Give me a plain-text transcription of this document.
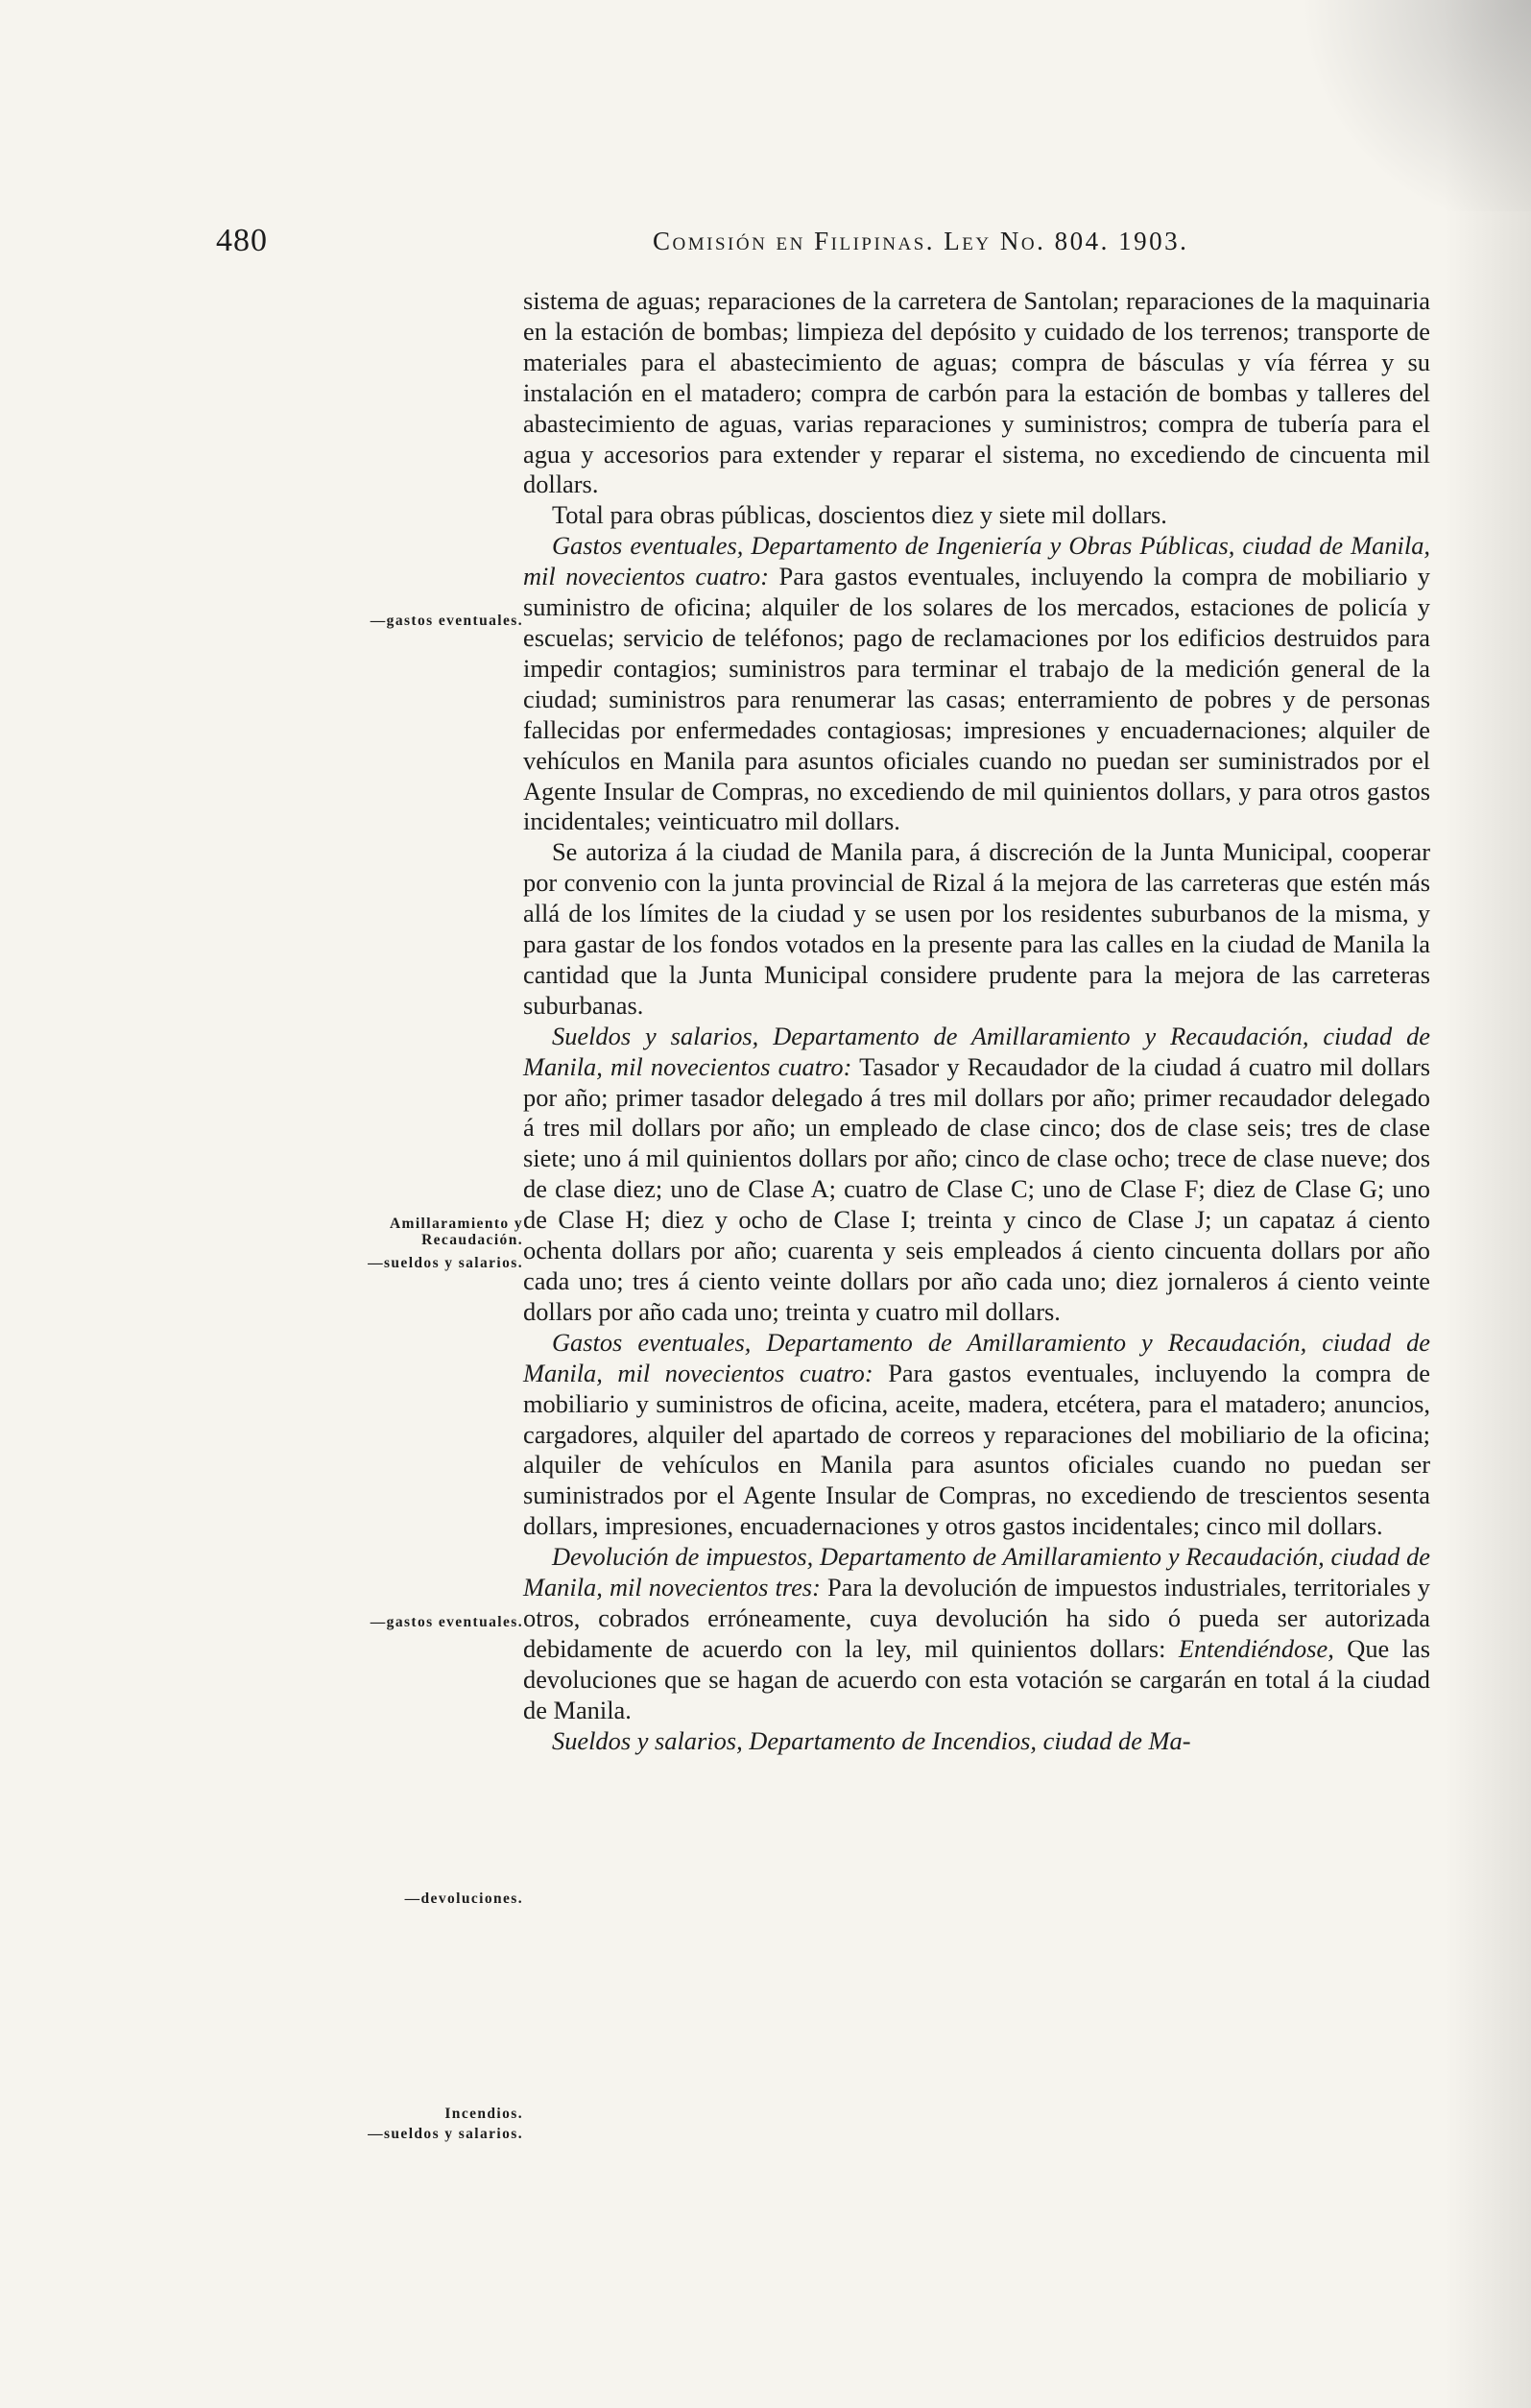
480	Comisión en Filipinas. Ley No. 804. 1903.
—gastos eventuales.
Amillaramiento y Recaudación.
—sueldos y salarios.
—gastos eventuales.
—devoluciones.
Incendios.
—sueldos y salarios.

sistema de aguas; reparaciones de la carretera de Santolan; reparaciones de la maquinaria en la estación de bombas; limpieza del depósito y cuidado de los terrenos; transporte de materiales para el abastecimiento de aguas; compra de básculas y vía férrea y su instalación en el matadero; compra de carbón para la estación de bombas y talleres del abastecimiento de aguas, varias reparaciones y suministros; compra de tubería para el agua y accesorios para extender y reparar el sistema, no excediendo de cincuenta mil dollars.

Total para obras públicas, doscientos diez y siete mil dollars.

Gastos eventuales, Departamento de Ingeniería y Obras Públicas, ciudad de Manila, mil novecientos cuatro: Para gastos eventuales, incluyendo la compra de mobiliario y suministro de oficina; alquiler de los solares de los mercados, estaciones de policía y escuelas; servicio de teléfonos; pago de reclamaciones por los edificios destruidos para impedir contagios; suministros para terminar el trabajo de la medición general de la ciudad; suministros para renumerar las casas; enterramiento de pobres y de personas fallecidas por enfermedades contagiosas; impresiones y encuadernaciones; alquiler de vehículos en Manila para asuntos oficiales cuando no puedan ser suministrados por el Agente Insular de Compras, no excediendo de mil quinientos dollars, y para otros gastos incidentales; veinticuatro mil dollars.

Se autoriza á la ciudad de Manila para, á discreción de la Junta Municipal, cooperar por convenio con la junta provincial de Rizal á la mejora de las carreteras que estén más allá de los límites de la ciudad y se usen por los residentes suburbanos de la misma, y para gastar de los fondos votados en la presente para las calles en la ciudad de Manila la cantidad que la Junta Municipal considere prudente para la mejora de las carreteras suburbanas.

Sueldos y salarios, Departamento de Amillaramiento y Recaudación, ciudad de Manila, mil novecientos cuatro: Tasador y Recaudador de la ciudad á cuatro mil dollars por año; primer tasador delegado á tres mil dollars por año; primer recaudador delegado á tres mil dollars por año; un empleado de clase cinco; dos de clase seis; tres de clase siete; uno á mil quinientos dollars por año; cinco de clase ocho; trece de clase nueve; dos de clase diez; uno de Clase A; cuatro de Clase C; uno de Clase F; diez de Clase G; uno de Clase H; diez y ocho de Clase I; treinta y cinco de Clase J; un capataz á ciento ochenta dollars por año; cuarenta y seis empleados á ciento cincuenta dollars por año cada uno; tres á ciento veinte dollars por año cada uno; diez jornaleros á ciento veinte dollars por año cada uno; treinta y cuatro mil dollars.

Gastos eventuales, Departamento de Amillaramiento y Recaudación, ciudad de Manila, mil novecientos cuatro: Para gastos eventuales, incluyendo la compra de mobiliario y suministros de oficina, aceite, madera, etcétera, para el matadero; anuncios, cargadores, alquiler del apartado de correos y reparaciones del mobiliario de la oficina; alquiler de vehículos en Manila para asuntos oficiales cuando no puedan ser suministrados por el Agente Insular de Compras, no excediendo de trescientos sesenta dollars, impresiones, encuadernaciones y otros gastos incidentales; cinco mil dollars.

Devolución de impuestos, Departamento de Amillaramiento y Recaudación, ciudad de Manila, mil novecientos tres: Para la devolución de impuestos industriales, territoriales y otros, cobrados erróneamente, cuya devolución ha sido ó pueda ser autorizada debidamente de acuerdo con la ley, mil quinientos dollars: Entendiéndose, Que las devoluciones que se hagan de acuerdo con esta votación se cargarán en total á la ciudad de Manila.

Sueldos y salarios, Departamento de Incendios, ciudad de Ma-
